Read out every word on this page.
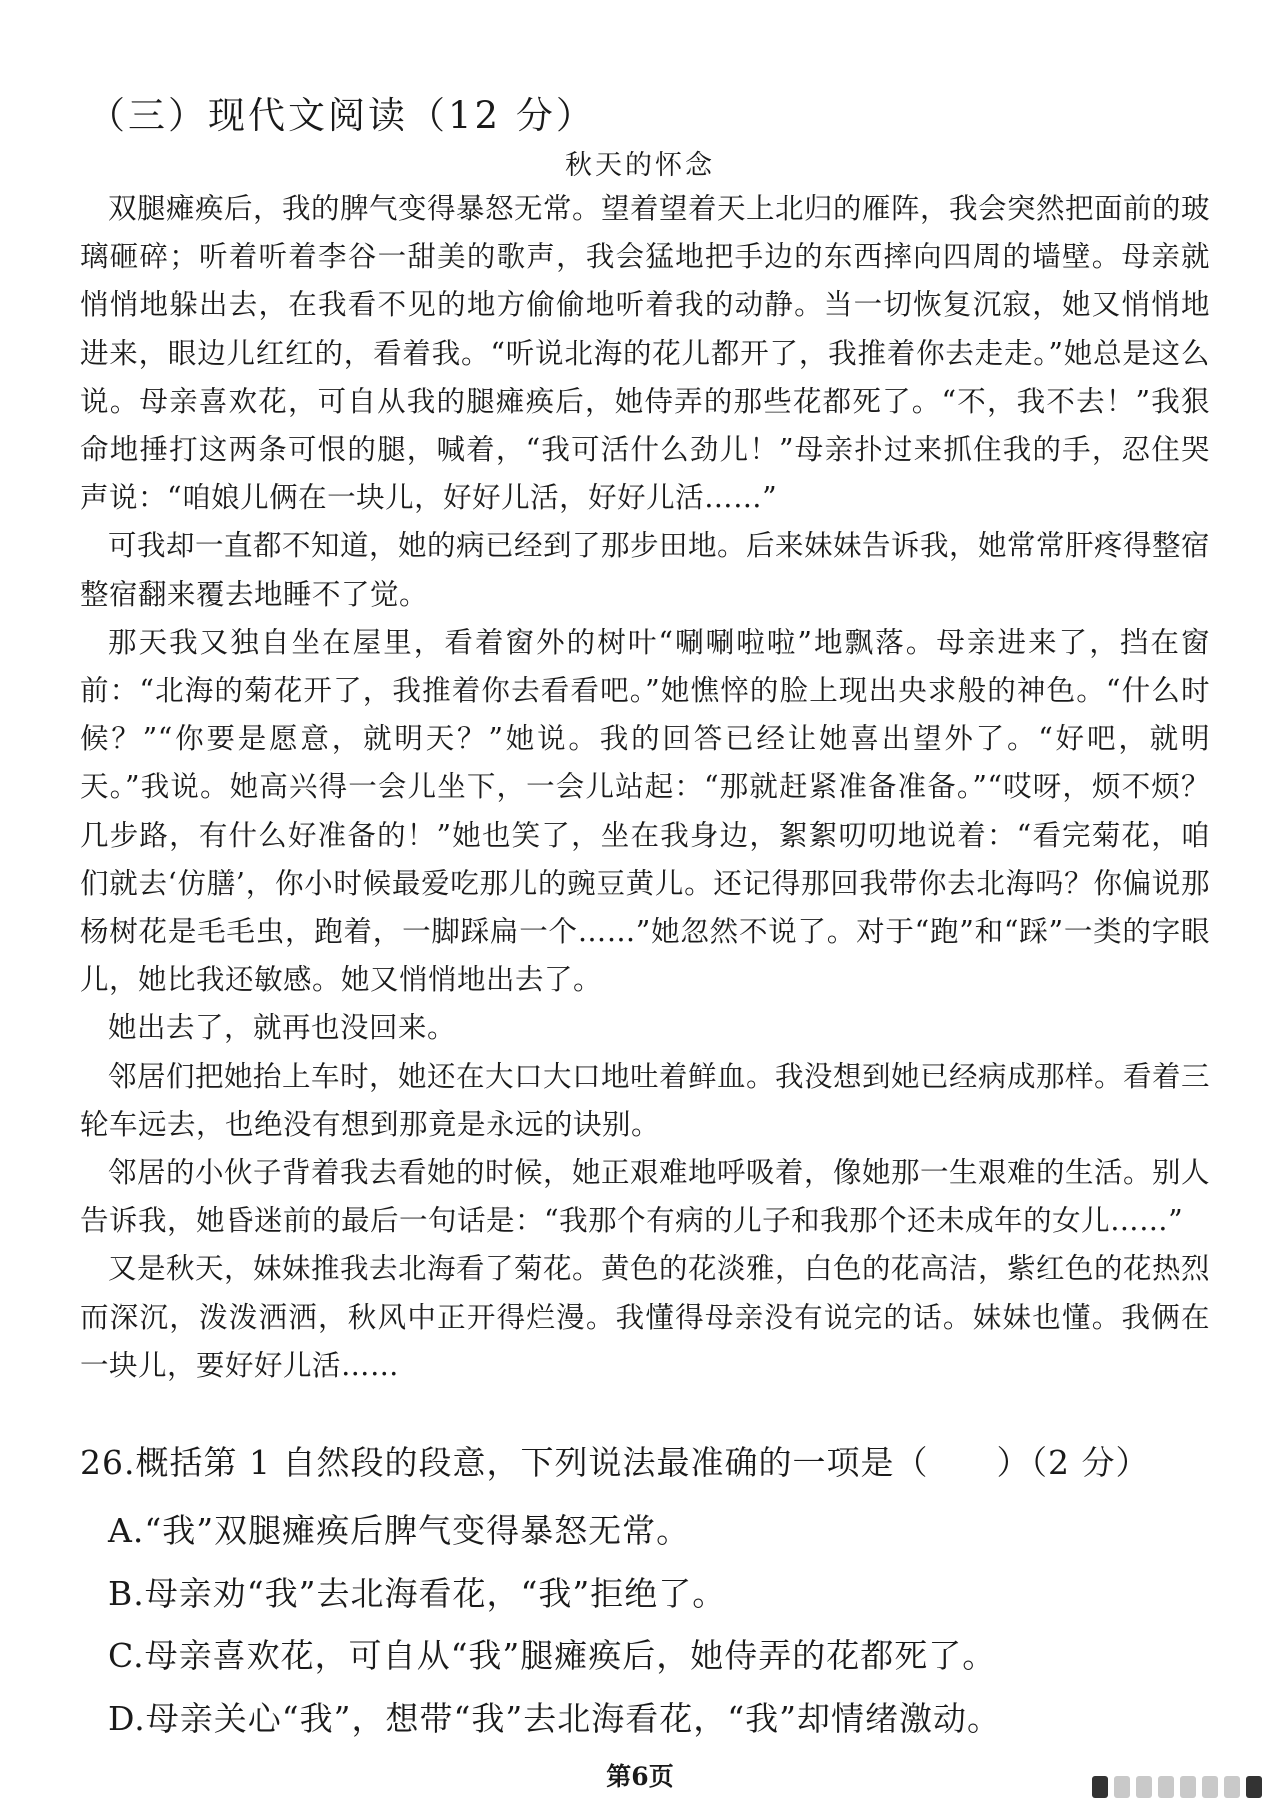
（三）现代文阅读（12 分）
秋天的怀念

双腿瘫痪后，我的脾气变得暴怒无常。望着望着天上北归的雁阵，我会突然把面前的玻璃砸碎；听着听着李谷一甜美的歌声，我会猛地把手边的东西摔向四周的墙壁。母亲就悄悄地躲出去，在我看不见的地方偷偷地听着我的动静。当一切恢复沉寂，她又悄悄地进来，眼边儿红红的，看着我。“听说北海的花儿都开了，我推着你去走走。”她总是这么说。母亲喜欢花，可自从我的腿瘫痪后，她侍弄的那些花都死了。“不，我不去！”我狠命地捶打这两条可恨的腿，喊着，“我可活什么劲儿！”母亲扑过来抓住我的手，忍住哭声说：“咱娘儿俩在一块儿，好好儿活，好好儿活……”

可我却一直都不知道，她的病已经到了那步田地。后来妹妹告诉我，她常常肝疼得整宿整宿翻来覆去地睡不了觉。

那天我又独自坐在屋里，看着窗外的树叶“唰唰啦啦”地飘落。母亲进来了，挡在窗前：“北海的菊花开了，我推着你去看看吧。”她憔悴的脸上现出央求般的神色。“什么时候？”“你要是愿意，就明天？”她说。我的回答已经让她喜出望外了。“好吧，就明天。”我说。她高兴得一会儿坐下，一会儿站起：“那就赶紧准备准备。”“哎呀，烦不烦？几步路，有什么好准备的！”她也笑了，坐在我身边，絮絮叨叨地说着：“看完菊花，咱们就去‘仿膳’，你小时候最爱吃那儿的豌豆黄儿。还记得那回我带你去北海吗？你偏说那杨树花是毛毛虫，跑着，一脚踩扁一个……”她忽然不说了。对于“跑”和“踩”一类的字眼儿，她比我还敏感。她又悄悄地出去了。

她出去了，就再也没回来。

邻居们把她抬上车时，她还在大口大口地吐着鲜血。我没想到她已经病成那样。看着三轮车远去，也绝没有想到那竟是永远的诀别。

邻居的小伙子背着我去看她的时候，她正艰难地呼吸着，像她那一生艰难的生活。别人告诉我，她昏迷前的最后一句话是：“我那个有病的儿子和我那个还未成年的女儿……”

又是秋天，妹妹推我去北海看了菊花。黄色的花淡雅，白色的花高洁，紫红色的花热烈而深沉，泼泼洒洒，秋风中正开得烂漫。我懂得母亲没有说完的话。妹妹也懂。我俩在一块儿，要好好儿活……

26.概括第 1 自然段的段意，下列说法最准确的一项是（　　）（2 分）

A.“我”双腿瘫痪后脾气变得暴怒无常。

B.母亲劝“我”去北海看花，“我”拒绝了。

C.母亲喜欢花，可自从“我”腿瘫痪后，她侍弄的花都死了。

D.母亲关心“我”，想带“我”去北海看花，“我”却情绪激动。

第6页
